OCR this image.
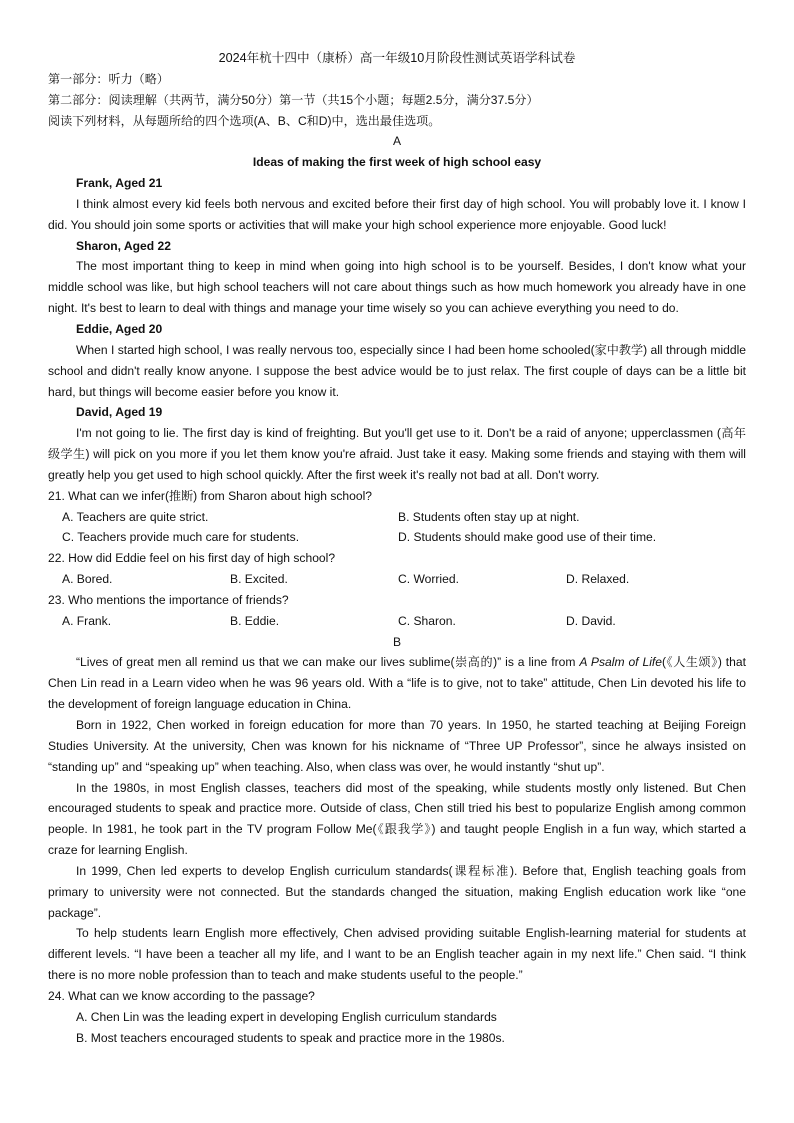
2024年杭十四中（康桥）高一年级10月阶段性测试英语学科试卷

第一部分：听力（略）

第二部分：阅读理解（共两节，满分50分）第一节（共15个小题；每题2.5分，满分37.5分）

阅读下列材料，从每题所给的四个选项(A、B、C和D)中，选出最佳选项。

A

Ideas of making the first week of high school easy

Frank, Aged 21

I think almost every kid feels both nervous and excited before their first day of high school. You will probably love it. I know I did. You should join some sports or activities that will make your high school experience more enjoyable. Good luck!

Sharon, Aged 22

The most important thing to keep in mind when going into high school is to be yourself. Besides, I don't know what your middle school was like, but high school teachers will not care about things such as how much homework you already have in one night. It's best to learn to deal with things and manage your time wisely so you can achieve everything you need to do.

Eddie, Aged 20

When I started high school, I was really nervous too, especially since I had been home schooled(家中教学) all through middle school and didn't really know anyone. I suppose the best advice would be to just relax. The first couple of days can be a little bit hard, but things will become easier before you know it.

David, Aged 19

I'm not going to lie. The first day is kind of freighting. But you'll get use to it. Don't be a raid of anyone; upperclassmen (高年级学生) will pick on you more if you let them know you're afraid. Just take it easy. Making some friends and staying with them will greatly help you get used to high school quickly. After the first week it's really not bad at all. Don't worry.

21. What can we infer(推断) from Sharon about high school?

A. Teachers are quite strict.	B. Students often stay up at night.
C. Teachers provide much care for students.	D. Students should make good use of their time.

22. How did Eddie feel on his first day of high school?

A. Bored.	B. Excited.	C. Worried.	D. Relaxed.

23. Who mentions the importance of friends?

A. Frank.	B. Eddie.	C. Sharon.	D. David.

B

“Lives of great men all remind us that we can make our lives sublime(崇高的)” is a line from A Psalm of Life(《人生颂》) that Chen Lin read in a Learn video when he was 96 years old. With a “life is to give, not to take” attitude, Chen Lin devoted his life to the development of foreign language education in China.

Born in 1922, Chen worked in foreign education for more than 70 years. In 1950, he started teaching at Beijing Foreign Studies University. At the university, Chen was known for his nickname of “Three UP Professor”, since he always insisted on “standing up” and “speaking up” when teaching. Also, when class was over, he would instantly “shut up”.

In the 1980s, in most English classes, teachers did most of the speaking, while students mostly only listened. But Chen encouraged students to speak and practice more. Outside of class, Chen still tried his best to popularize English among common people. In 1981, he took part in the TV program Follow Me(《跟我学》) and taught people English in a fun way, which started a craze for learning English.

In 1999, Chen led experts to develop English curriculum standards(课程标准). Before that, English teaching goals from primary to university were not connected. But the standards changed the situation, making English education work like “one package”.

To help students learn English more effectively, Chen advised providing suitable English-learning material for students at different levels. “I have been a teacher all my life, and I want to be an English teacher again in my next life.” Chen said. “I think there is no more noble profession than to teach and make students useful to the people.”

24. What can we know according to the passage?

A. Chen Lin was the leading expert in developing English curriculum standards

B. Most teachers encouraged students to speak and practice more in the 1980s.
